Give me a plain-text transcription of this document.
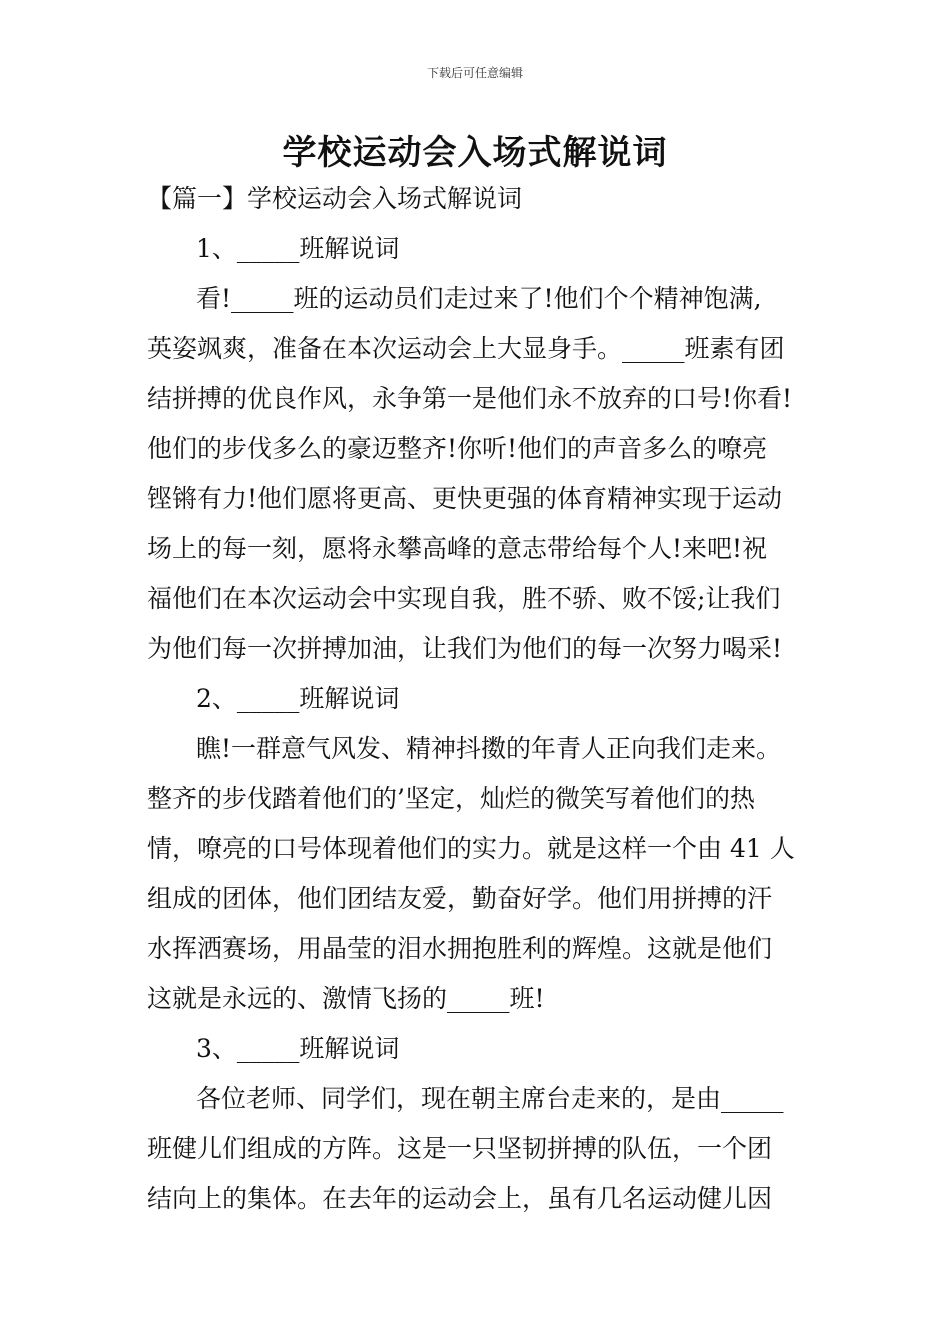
下载后可任意编辑
学校运动会入场式解说词
【篇一】学校运动会入场式解说词
1、_____班解说词
看!_____班的运动员们走过来了!他们个个精神饱满,
英姿飒爽，准备在本次运动会上大显身手。_____班素有团
结拼搏的优良作风，永争第一是他们永不放弃的口号!你看!
他们的步伐多么的豪迈整齐!你听!他们的声音多么的嘹亮
铿锵有力!他们愿将更高、更快更强的体育精神实现于运动
场上的每一刻，愿将永攀高峰的意志带给每个人!来吧!祝
福他们在本次运动会中实现自我，胜不骄、败不馁;让我们
为他们每一次拼搏加油，让我们为他们的每一次努力喝采!
2、_____班解说词
瞧!一群意气风发、精神抖擞的年青人正向我们走来。
整齐的步伐踏着他们的’坚定，灿烂的微笑写着他们的热
情，嘹亮的口号体现着他们的实力。就是这样一个由 41 人
组成的团体，他们团结友爱，勤奋好学。他们用拼搏的汗
水挥洒赛场，用晶莹的泪水拥抱胜利的辉煌。这就是他们
这就是永远的、激情飞扬的_____班!
3、_____班解说词
各位老师、同学们，现在朝主席台走来的，是由_____
班健儿们组成的方阵。这是一只坚韧拼搏的队伍，一个团
结向上的集体。在去年的运动会上，虽有几名运动健儿因
